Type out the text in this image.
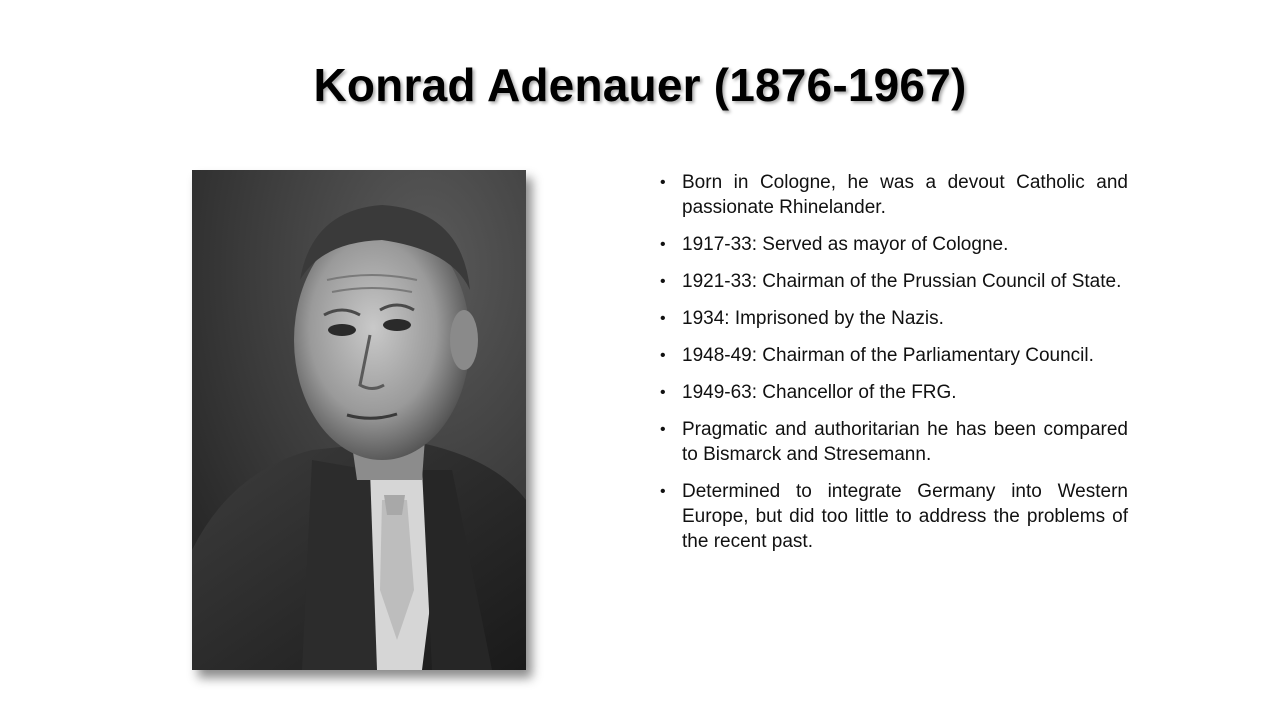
Konrad Adenauer (1876-1967)
• Born in Cologne, he was a devout Catholic and passionate Rhinelander.
• 1917-33: Served as mayor of Cologne.
• 1921-33: Chairman of the Prussian Council of State.
• 1934: Imprisoned by the Nazis.
• 1948-49: Chairman of the Parliamentary Council.
• 1949-63: Chancellor of the FRG.
• Pragmatic and authoritarian he has been compared to Bismarck and Stresemann.
• Determined to integrate Germany into Western Europe, but did too little to address the problems of the recent past.
